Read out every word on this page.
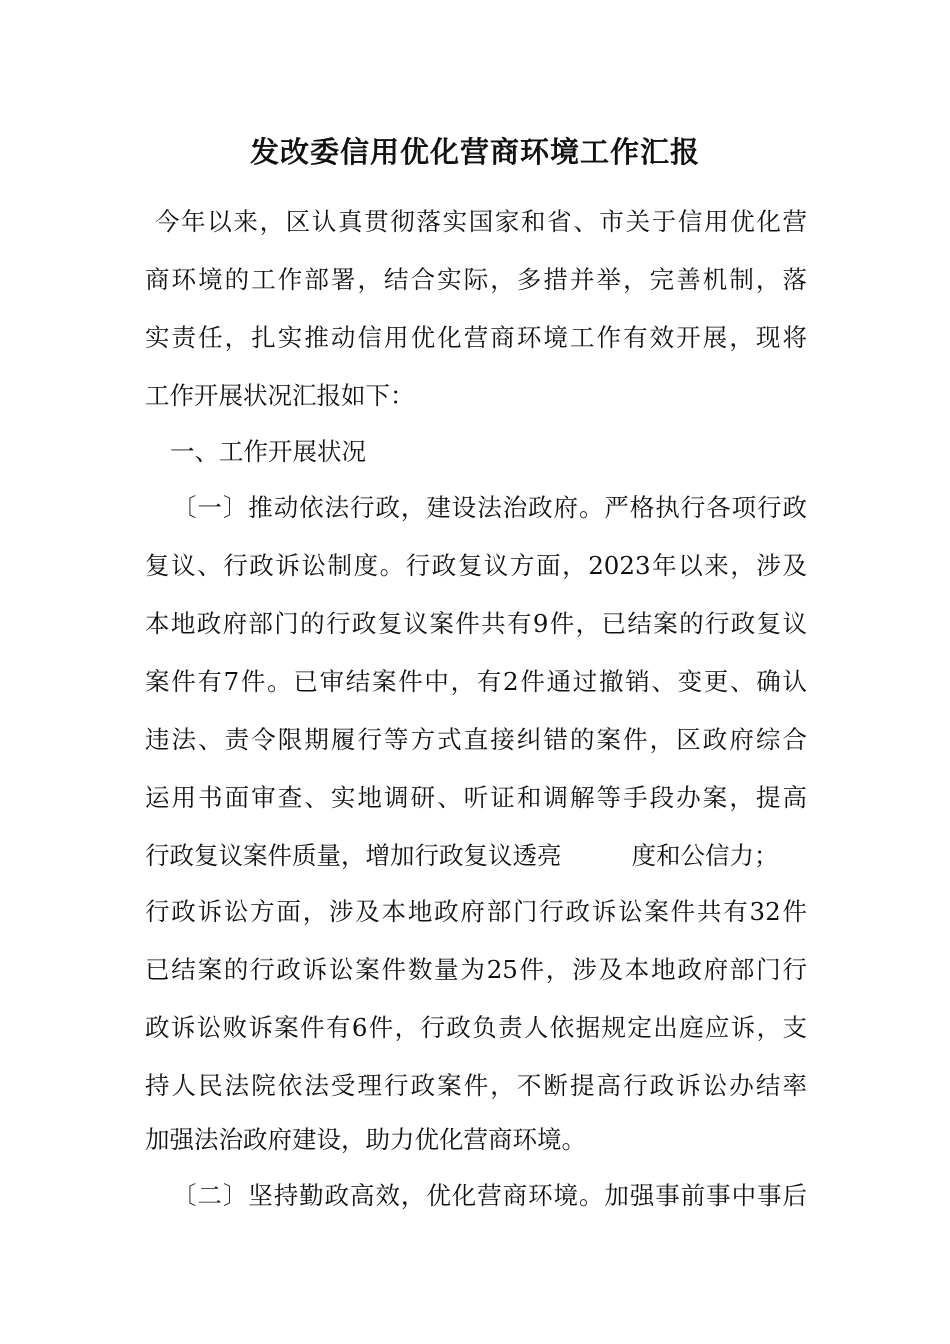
发改委信用优化营商环境工作汇报
今年以来，区认真贯彻落实国家和省、市关于信用优化营
商环境的工作部署，结合实际，多措并举，完善机制，落
实责任，扎实推动信用优化营商环境工作有效开展，现将
工作开展状况汇报如下：
一、工作开展状况
〔一〕推动依法行政，建设法治政府。严格执行各项行政
复议、行政诉讼制度。行政复议方面，2023年以来，涉及
本地政府部门的行政复议案件共有9件，已结案的行政复议
案件有7件。已审结案件中，有2件通过撤销、变更、确认
违法、责令限期履行等方式直接纠错的案件，区政府综合
运用书面审查、实地调研、听证和调解等手段办案，提高
行政复议案件质量，增加行政复议透亮	度和公信力；
行政诉讼方面，涉及本地政府部门行政诉讼案件共有32件
已结案的行政诉讼案件数量为25件，涉及本地政府部门行
政诉讼败诉案件有6件，行政负责人依据规定出庭应诉，支
持人民法院依法受理行政案件，不断提高行政诉讼办结率
加强法治政府建设，助力优化营商环境。
〔二〕坚持勤政高效，优化营商环境。加强事前事中事后
